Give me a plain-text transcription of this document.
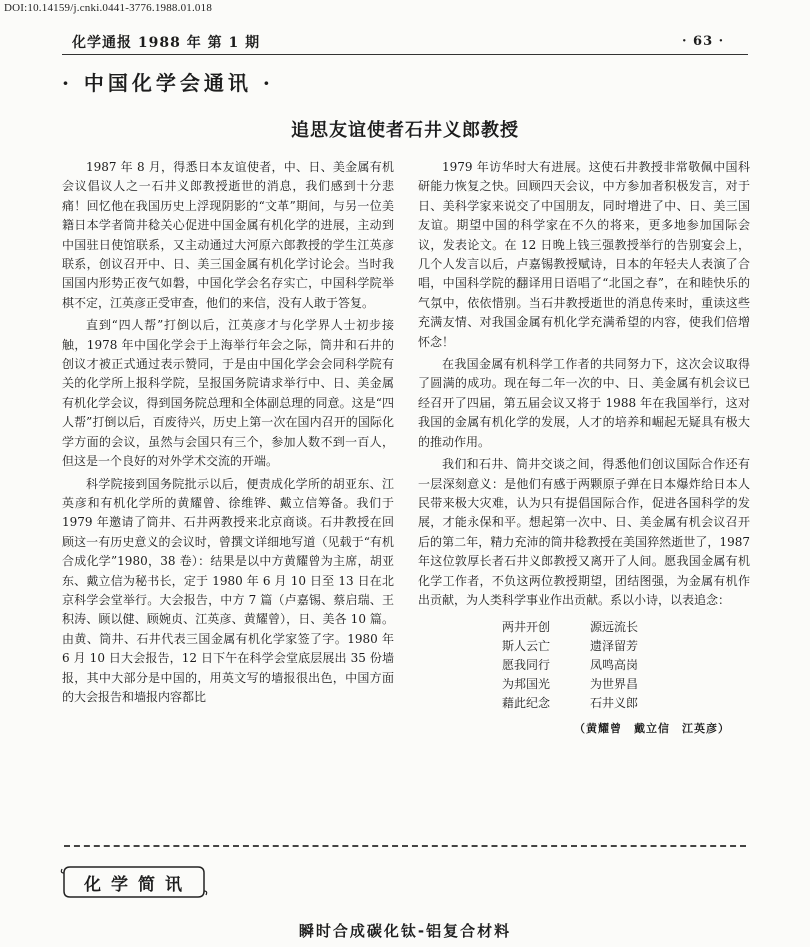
DOI:10.14159/j.cnki.0441-3776.1988.01.018
化学通报 1988 年 第 1 期	· 63 ·
· 中国化学会通讯 ·
追思友谊使者石井义郎教授

1987 年 8 月，得悉日本友谊使者，中、日、美金属有机会议倡议人之一石井义郎教授逝世的消息，我们感到十分悲痛！回忆他在我国历史上浮现阴影的“文革”期间，与另一位美籍日本学者筒井稔关心促进中国金属有机化学的进展，主动到中国驻日使馆联系，又主动通过大河原六郎教授的学生江英彦联系，创议召开中、日、美三国金属有机化学讨论会。当时我国国内形势正夜气如磐，中国化学会名存实亡，中国科学院举棋不定，江英彦正受审查，他们的来信，没有人敢于答复。

直到“四人帮”打倒以后，江英彦才与化学界人士初步接触，1978 年中国化学会于上海举行年会之际，筒井和石井的创议才被正式通过表示赞同，于是由中国化学会会同科学院有关的化学所上报科学院，呈报国务院请求举行中、日、美金属有机化学会议，得到国务院总理和全体副总理的同意。这是“四人帮”打倒以后，百废待兴，历史上第一次在国内召开的国际化学方面的会议，虽然与会国只有三个，参加人数不到一百人，但这是一个良好的对外学术交流的开端。

科学院接到国务院批示以后，便责成化学所的胡亚东、江英彦和有机化学所的黄耀曾、徐维铧、戴立信筹备。我们于 1979 年邀请了筒井、石井两教授来北京商谈。石井教授在回顾这一有历史意义的会议时，曾撰文详细地写道（见载于“有机合成化学”1980，38 卷）：结果是以中方黄耀曾为主席，胡亚东、戴立信为秘书长，定于 1980 年 6 月 10 日至 13 日在北京科学会堂举行。大会报告，中方 7 篇（卢嘉锡、蔡启瑞、王积涛、顾以健、顾婉贞、江英彦、黄耀曾），日、美各 10 篇。由黄、筒井、石井代表三国金属有机化学家签了字。1980 年 6 月 10 日大会报告，12 日下午在科学会堂底层展出 35 份墙报，其中大部分是中国的，用英文写的墙报很出色，中国方面的大会报告和墙报内容都比

1979 年访华时大有进展。这使石井教授非常敬佩中国科研能力恢复之快。回顾四天会议，中方参加者积极发言，对于日、美科学家来说交了中国朋友，同时增进了中、日、美三国友谊。期望中国的科学家在不久的将来，更多地参加国际会议，发表论文。在 12 日晚上钱三强教授举行的告别宴会上，几个人发言以后，卢嘉锡教授赋诗，日本的年轻夫人表演了合唱，中国科学院的翻译用日语唱了“北国之春”，在和睦快乐的气氛中，依依惜别。当石井教授逝世的消息传来时，重读这些充满友情、对我国金属有机化学充满希望的内容，使我们倍增怀念！

在我国金属有机科学工作者的共同努力下，这次会议取得了圆满的成功。现在每二年一次的中、日、美金属有机会议已经召开了四届，第五届会议又将于 1988 年在我国举行，这对我国的金属有机化学的发展，人才的培养和崛起无疑具有极大的推动作用。

我们和石井、筒井交谈之间，得悉他们创议国际合作还有一层深刻意义：是他们有感于两颗原子弹在日本爆炸给日本人民带来极大灾难，认为只有提倡国际合作，促进各国科学的发展，才能永保和平。想起第一次中、日、美金属有机会议召开后的第二年，精力充沛的筒井稔教授在美国猝然逝世了，1987 年这位敦厚长者石井义郎教授又离开了人间。愿我国金属有机化学工作者，不负这两位教授期望，团结图强，为金属有机作出贡献，为人类科学事业作出贡献。系以小诗，以表追念：

两井开创	源远流长
斯人云亡	遗泽留芳
愿我同行	凤鸣高岗
为邦国光	为世界昌
藉此纪念	石井义郎
（黄耀曾　戴立信　江英彦）
化学简讯
瞬时合成碳化钛-铝复合材料
